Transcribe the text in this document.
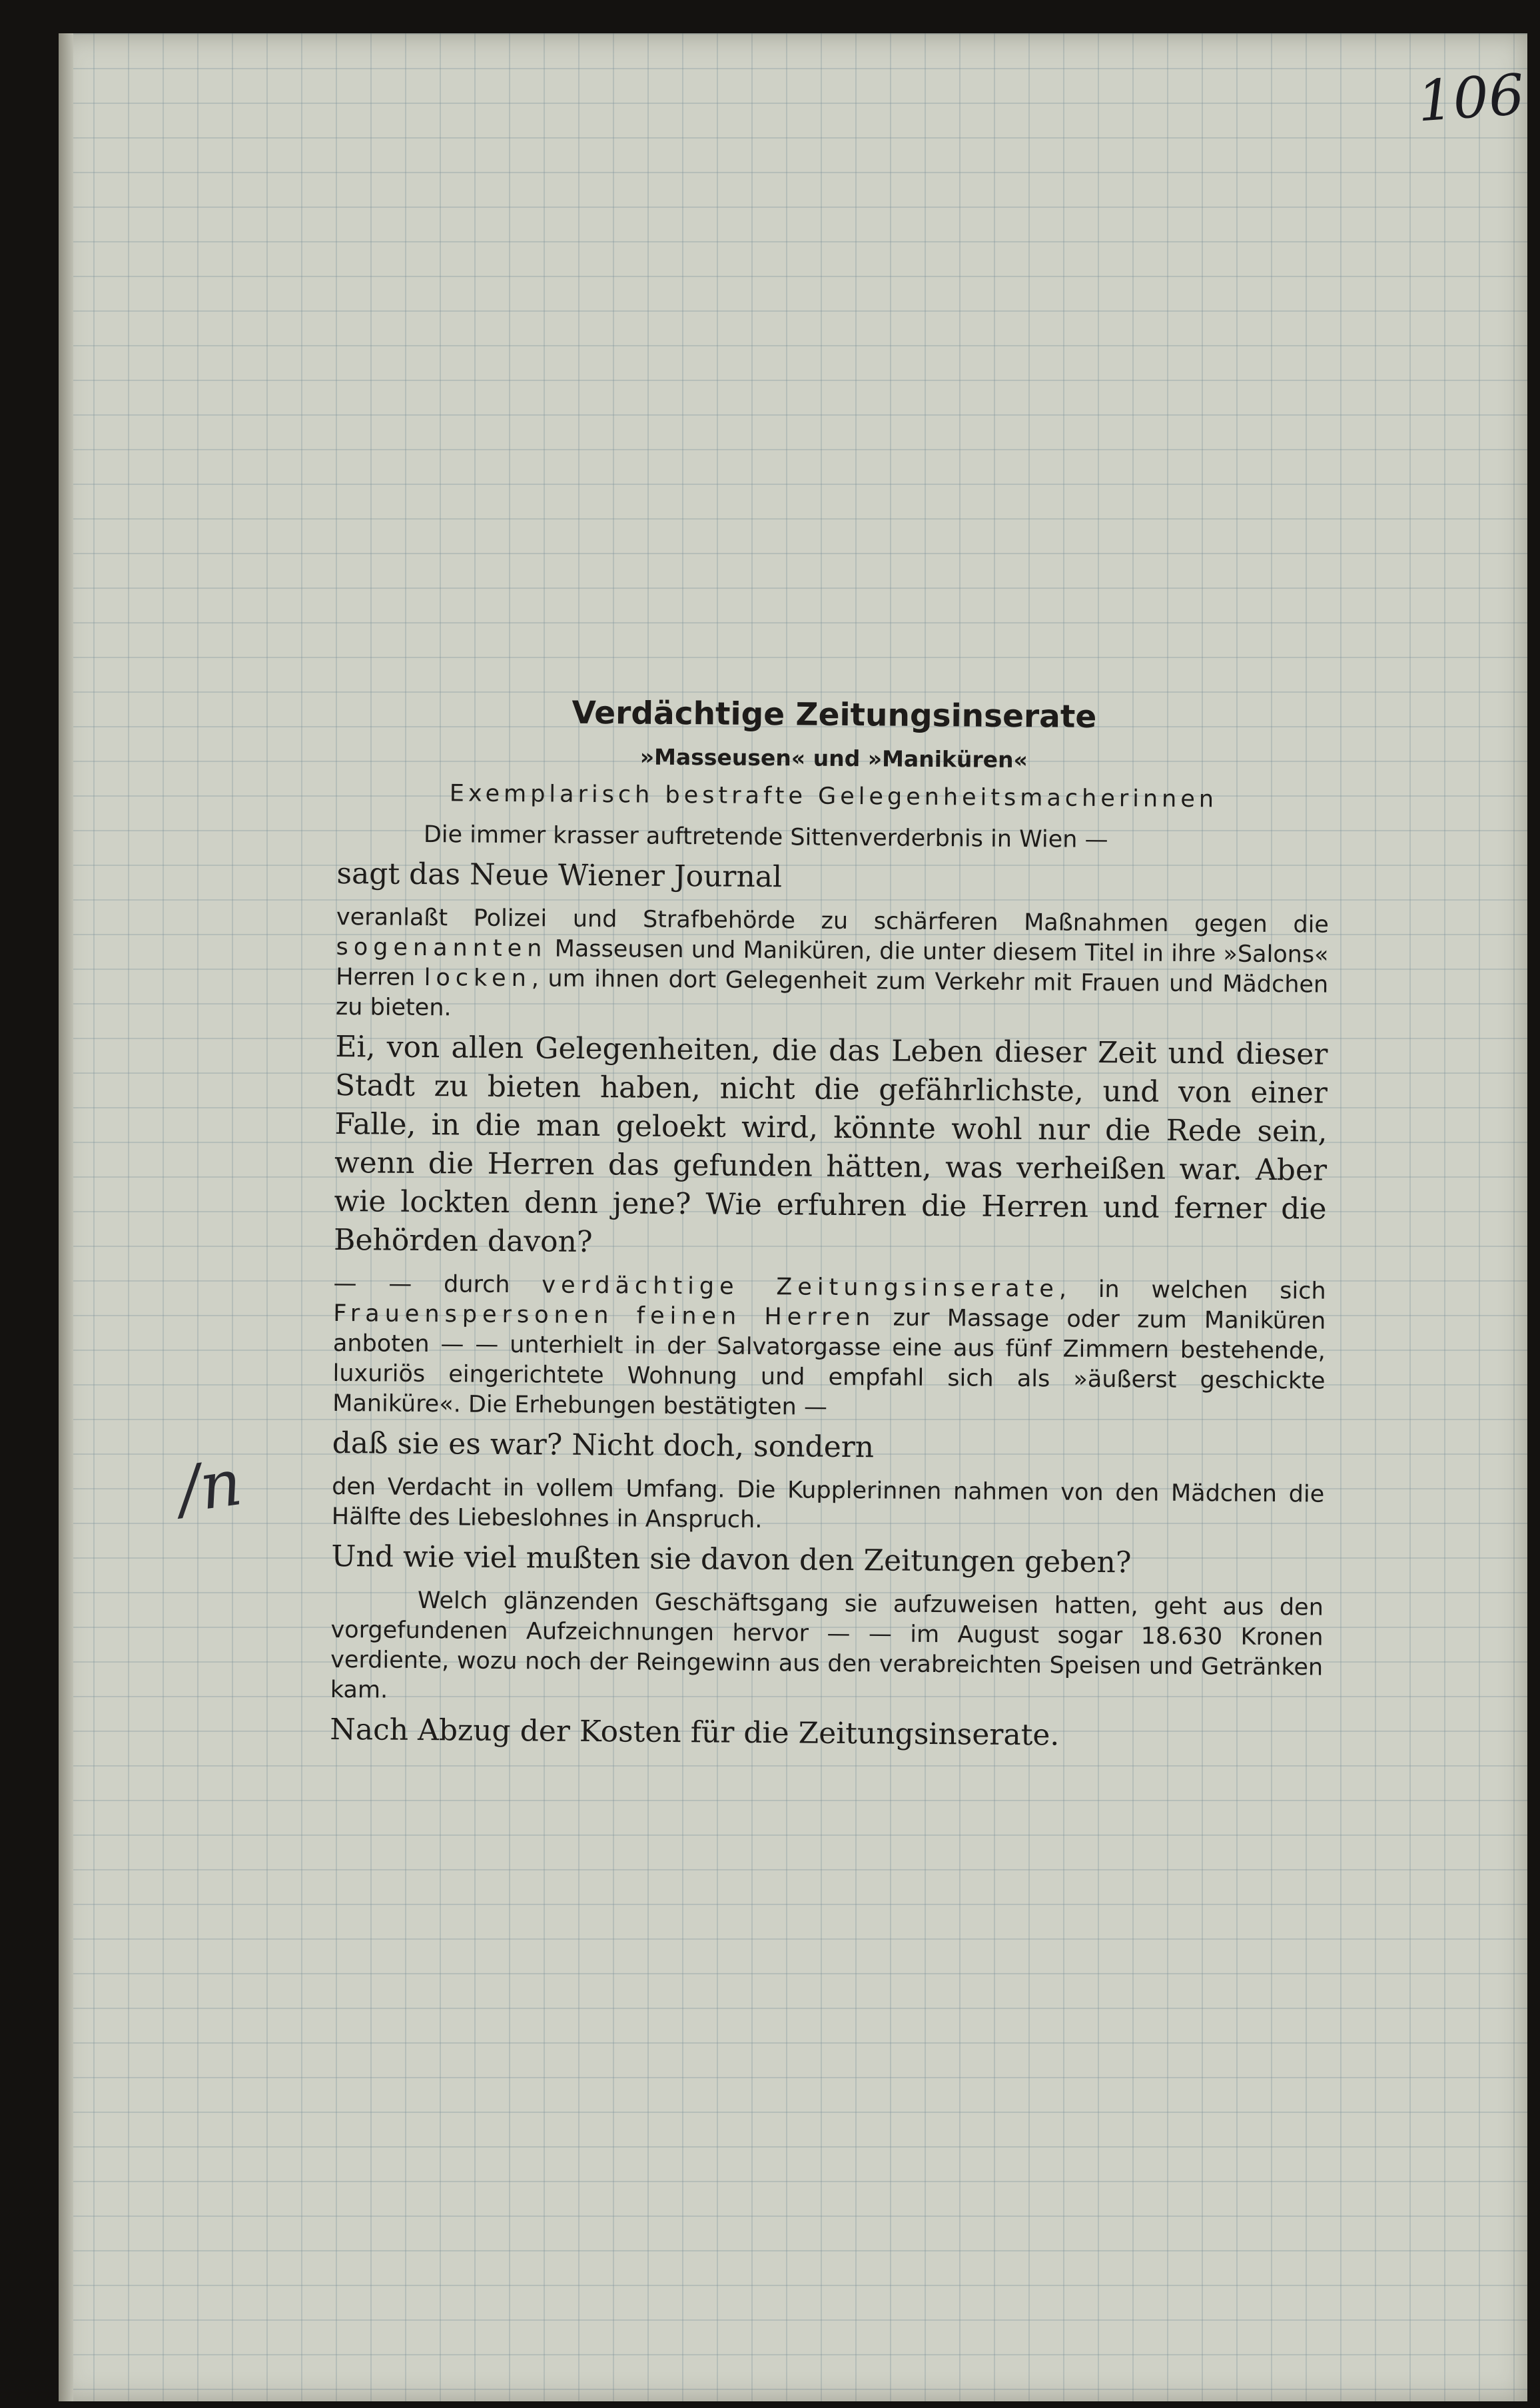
106
/n
Verdächtige Zeitungsinserate
»Masseusen« und »Maniküren«
Exemplarisch bestrafte Gelegenheitsmacherinnen

Die immer krasser auftretende Sittenverderbnis in Wien —

sagt das Neue Wiener Journal

veranlaßt Polizei und Strafbehörde zu schärferen Maßnahmen gegen die sogenannten Masseusen und Maniküren, die unter diesem Titel in ihre »Salons« Herren locken, um ihnen dort Gelegenheit zum Verkehr mit Frauen und Mädchen zu bieten.

Ei, von allen Gelegenheiten, die das Leben dieser Zeit und dieser Stadt zu bieten haben, nicht die gefährlichste, und von einer Falle, in die man geloekt wird, könnte wohl nur die Rede sein, wenn die Herren das gefunden hätten, was verheißen war. Aber wie lockten denn jene? Wie erfuhren die Herren und ferner die Behörden davon?

— — durch verdächtige Zeitungsinserate, in welchen sich Frauenspersonen feinen Herren zur Massage oder zum Maniküren anboten — — unterhielt in der Salvatorgasse eine aus fünf Zimmern bestehende, luxuriös eingerichtete Wohnung und empfahl sich als »äußerst geschickte Maniküre«. Die Erhebungen bestätigten —

daß sie es war? Nicht doch, sondern

den Verdacht in vollem Umfang. Die Kupplerinnen nahmen von den Mädchen die Hälfte des Liebeslohnes in Anspruch.

Und wie viel mußten sie davon den Zeitungen geben?

Welch glänzenden Geschäftsgang sie aufzuweisen hatten, geht aus den vorgefundenen Aufzeichnungen hervor — — im August sogar 18.630 Kronen verdiente, wozu noch der Reingewinn aus den verabreichten Speisen und Getränken kam.

Nach Abzug der Kosten für die Zeitungsinserate.
